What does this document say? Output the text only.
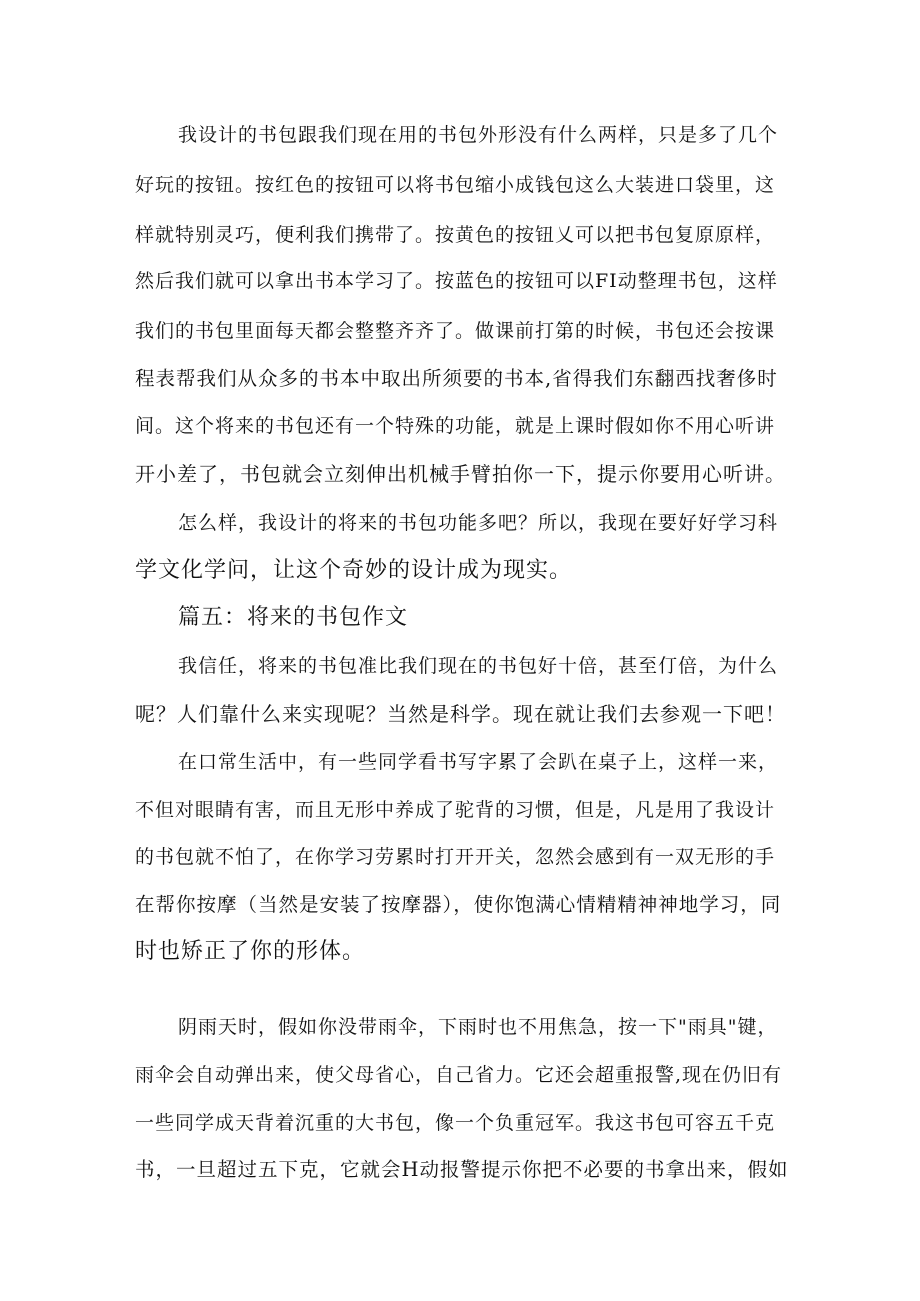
我设计的书包跟我们现在用的书包外形没有什么两样，只是多了几个
好玩的按钮。按红色的按钮可以将书包缩小成钱包这么大装进口袋里，这
样就特别灵巧，便利我们携带了。按黄色的按钮乂可以把书包复原原样，
然后我们就可以拿出书本学习了。按蓝色的按钮可以FI动整理书包，这样
我们的书包里面每天都会整整齐齐了。做课前打第的时候，书包还会按课
程表帮我们从众多的书本中取出所须要的书本,省得我们东翻西找奢侈时
间。这个将来的书包还有一个特殊的功能，就是上课时假如你不用心听讲
开小差了，书包就会立刻伸出机械手臂拍你一下，提示你要用心听讲。
怎么样，我设计的将来的书包功能多吧？所以，我现在要好好学习科
学文化学问，让这个奇妙的设计成为现实。
篇五：将来的书包作文
我信任，将来的书包准比我们现在的书包好十倍，甚至仃倍，为什么
呢？人们靠什么来实现呢？当然是科学。现在就让我们去参观一下吧！
在口常生活中，有一些同学看书写字累了会趴在桌子上，这样一来，
不但对眼睛有害，而且无形中养成了驼背的习惯，但是，凡是用了我设计
的书包就不怕了，在你学习劳累时打开开关，忽然会感到有一双无形的手
在帮你按摩（当然是安装了按摩器），使你饱满心情精精神神地学习，同
时也矫正了你的形体。
阴雨天时，假如你没带雨伞，下雨时也不用焦急，按一下"雨具"键，
雨伞会自动弹出来，使父母省心，自己省力。它还会超重报警,现在仍旧有
一些同学成天背着沉重的大书包，像一个负重冠军。我这书包可容五千克
书，一旦超过五下克，它就会H动报警提示你把不必要的书拿出来，假如
